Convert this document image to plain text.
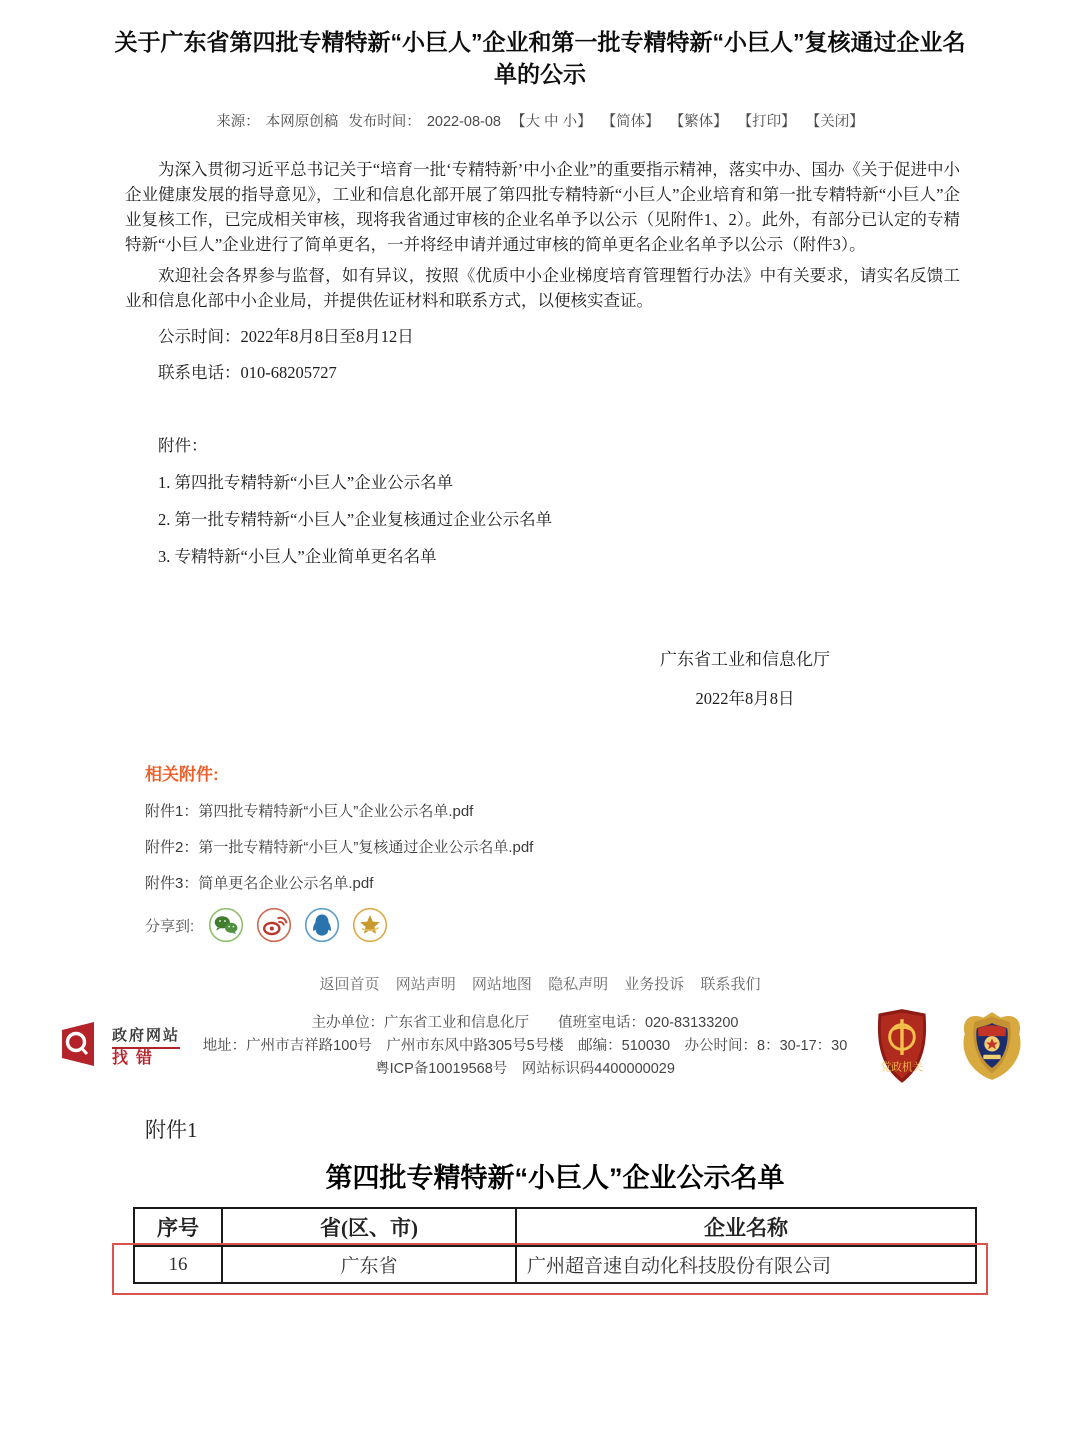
关于广东省第四批专精特新“小巨人”企业和第一批专精特新“小巨人”复核通过企业名单的公示
来源： 本网原创稿 发布时间： 2022-08-08 【大 中 小】 【简体】 【繁体】 【打印】 【关闭】

为深入贯彻习近平总书记关于“培育一批‘专精特新’中小企业”的重要指示精神，落实中办、国办《关于促进中小企业健康发展的指导意见》，工业和信息化部开展了第四批专精特新“小巨人”企业培育和第一批专精特新“小巨人”企业复核工作，已完成相关审核，现将我省通过审核的企业名单予以公示（见附件1、2）。此外，有部分已认定的专精特新“小巨人”企业进行了简单更名，一并将经申请并通过审核的简单更名企业名单予以公示（附件3）。

欢迎社会各界参与监督，如有异议，按照《优质中小企业梯度培育管理暂行办法》中有关要求，请实名反馈工业和信息化部中小企业局，并提供佐证材料和联系方式，以便核实查证。

公示时间：2022年8月8日至8月12日

联系电话：010-68205727

附件：

1. 第四批专精特新“小巨人”企业公示名单

2. 第一批专精特新“小巨人”企业复核通过企业公示名单

3. 专精特新“小巨人”企业简单更名名单

广东省工业和信息化厅
2022年8月8日
相关附件:
附件1：第四批专精特新“小巨人”企业公示名单.pdf
附件2：第一批专精特新“小巨人”复核通过企业公示名单.pdf
附件3：简单更名企业公示名单.pdf
分享到:
返回首页 网站声明 网站地图 隐私声明 业务投诉 联系我们
政府网站 找错
主办单位：广东省工业和信息化厅　　值班室电话：020-83133200
地址：广州市吉祥路100号　广州市东风中路305号5号楼　邮编：510030　办公时间：8：30-17：30
粤ICP备10019568号　网站标识码4400000029	党政机关
附件1
第四批专精特新“小巨人”企业公示名单
序号	省(区、市)	企业名称
16	广东省	广州超音速自动化科技股份有限公司
